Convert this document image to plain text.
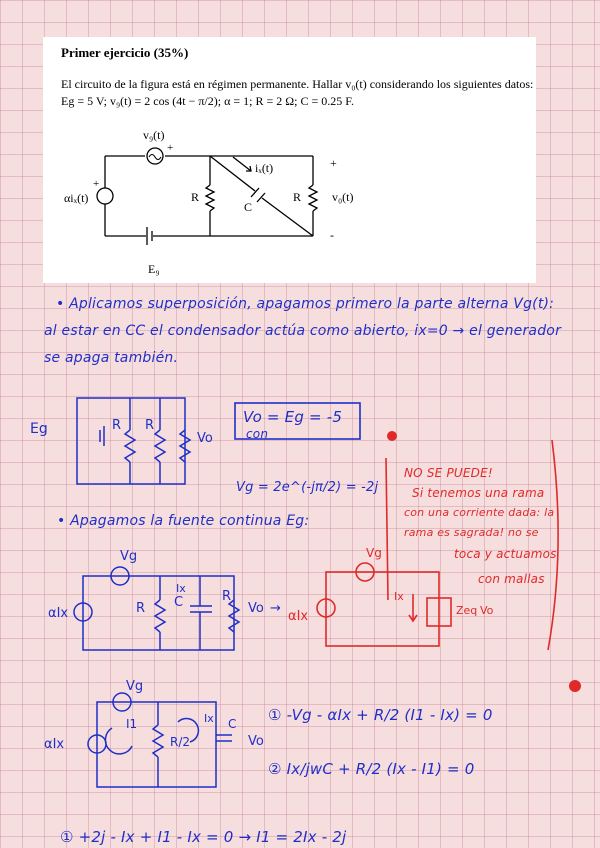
Primer ejercicio (35%)
El circuito de la figura está en régimen permanente. Hallar v₀(t) considerando los siguientes datos:
Eg = 5 V; v₉(t) = 2 cos (4t − π/2); α = 1; R = 2 Ω; C = 0.25 F.
v₉(t)
+
iₓ(t)
αiₓ(t)
+
R
C
R	v₀(t)
+
-
E₉
• Aplicamos superposición, apagamos primero la parte alterna Vg(t):
al estar en CC el condensador actúa como abierto, ix=0 → el generador
se apaga también.
Vo = Eg = -5
con
Vg = 2e^(-jπ/2) = -2j
• Apagamos la fuente continua Eg:
NO SE PUEDE!
Si tenemos una rama
con una corriente dada: la
rama es sagrada! no se
toca y actuamos
con mallas
① -Vg - αIx + R/2 (I1 - Ix) = 0
② Ix/jwC + R/2 (Ix - I1) = 0
① +2j - Ix + I1 - Ix = 0 → I1 = 2Ix - 2j
Eg	R R
Vo
Vg
αIx	R
Ix
C	R
Vo →
Vg
αIx
Ix
Zeq Vo
Vg
αIx
I1	Ix
R/2
C
Vo
